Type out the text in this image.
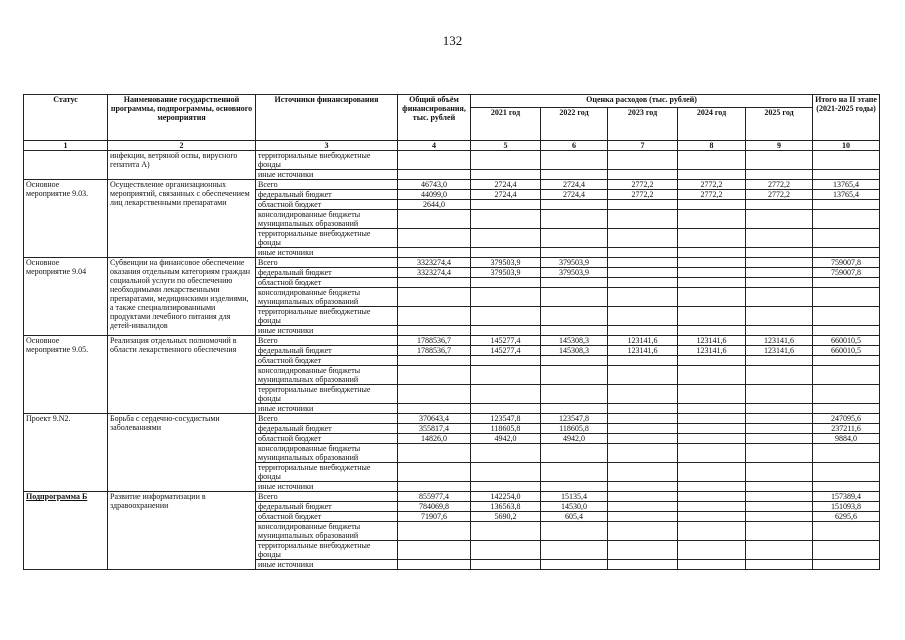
132
Статус	Наименование государственной программы, подпрограммы, основного мероприятия	Источники финансирования	Общий объём финансирования, тыс. рублей	Оценка расходов (тыс. рублей)					Итого на II этапе (2021-2025 годы)
				2021 год	2022 год	2023 год	2024 год	2025 год	
1	2	3	4	5	6	7	8	9	10
	инфекции, ветряной оспы, вирусного гепатита А)	территориальные внебюджетные фонды							
		иные источники							
Основное мероприятие 9.03.	Осуществление организационных мероприятий, связанных с обеспечением лиц лекарственными препаратами	Всего	46743,0	2724,4	2724,4	2772,2	2772,2	2772,2	13765,4
		федеральный бюджет	44099,0	2724,4	2724,4	2772,2	2772,2	2772,2	13765,4
		областной бюджет	2644,0						
		консолидированные бюджеты муниципальных образований							
		территориальные внебюджетные фонды							
		иные источники							
Основное мероприятие 9.04	Субвенции на финансовое обеспечение оказания отдельным категориям граждан социальной услуги по обеспечению необходимыми лекарственными препаратами, медицинскими изделиями, а также специализированными продуктами лечебного питания для детей-инвалидов	Всего	3323274,4	379503,9	379503,9				759007,8
		федеральный бюджет	3323274,4	379503,9	379503,9				759007,8
		областной бюджет							
		консолидированные бюджеты муниципальных образований							
		территориальные внебюджетные фонды							
		иные источники							
Основное мероприятие 9.05.	Реализация отдельных полномочий в области лекарственного обеспечения	Всего	1788536,7	145277,4	145308,3	123141,6	123141,6	123141,6	660010,5
		федеральный бюджет	1788536,7	145277,4	145308,3	123141,6	123141,6	123141,6	660010,5
		областной бюджет							
		консолидированные бюджеты муниципальных образований							
		территориальные внебюджетные фонды							
		иные источники							
Проект 9.N2.	Борьба с сердечно-сосудистыми заболеваниями	Всего	370643,4	123547,8	123547,8				247095,6
		федеральный бюджет	355817,4	118605,8	118605,8				237211,6
		областной бюджет	14826,0	4942,0	4942,0				9884,0
		консолидированные бюджеты муниципальных образований							
		территориальные внебюджетные фонды							
		иные источники							
Подпрограмма Б	Развитие информатизации в здравоохранении	Всего	855977,4	142254,0	15135,4				157389,4
		федеральный бюджет	784069,8	136563,8	14530,0				151093,8
		областной бюджет	71907,6	5690,2	605,4				6295,6
		консолидированные бюджеты муниципальных образований							
		территориальные внебюджетные фонды							
		иные источники							
